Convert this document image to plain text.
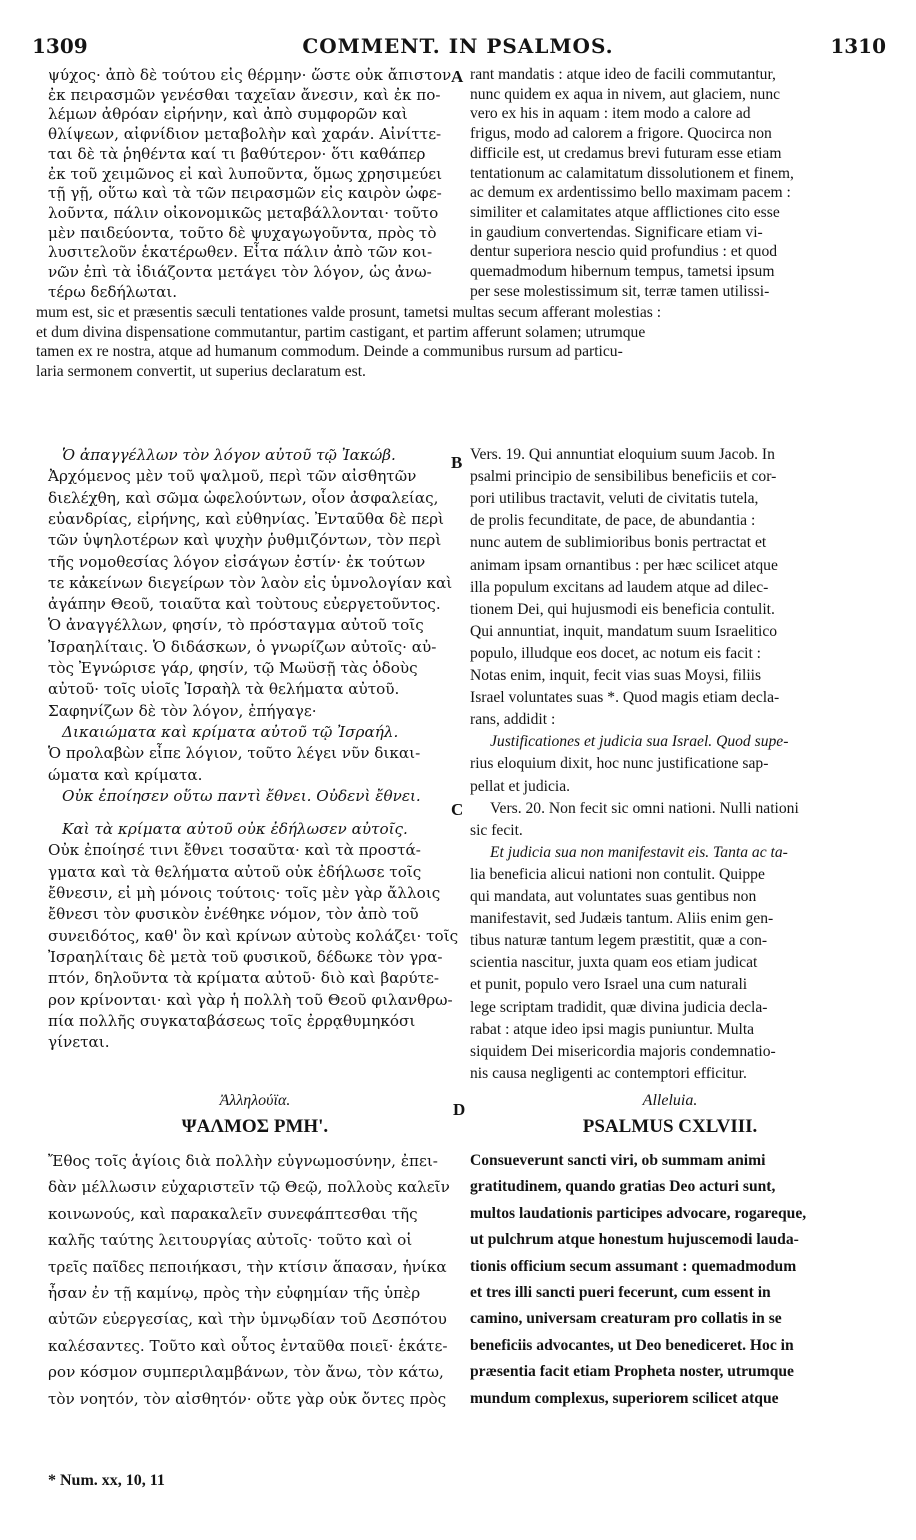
1309	COMMENT. IN PSALMOS.	1310
ψύχος· ἀπὸ δὲ τούτου εἰς θέρμην· ὥστε οὐκ ἄπιστον
ἐκ πειρασμῶν γενέσθαι ταχεῖαν ἄνεσιν, καὶ ἐκ πο-
λέμων ἀθρόαν εἰρήνην, καὶ ἀπὸ συμφορῶν καὶ
θλίψεων, αἰφνίδιον μεταβολὴν καὶ χαράν. Αἰνίττε-
ται δὲ τὰ ῥηθέντα καί τι βαθύτερον· ὅτι καθάπερ
ἐκ τοῦ χειμῶνος εἰ καὶ λυποῦντα, ὅμως χρησιμεύει
τῇ γῇ, οὕτω καὶ τὰ τῶν πειρασμῶν εἰς καιρὸν ὠφε-
λοῦντα, πάλιν οἰκονομικῶς μεταβάλλονται· τοῦτο
μὲν παιδεύοντα, τοῦτο δὲ ψυχαγωγοῦντα, πρὸς τὸ
λυσιτελοῦν ἑκατέρωθεν. Εἶτα πάλιν ἀπὸ τῶν κοι-
νῶν ἐπὶ τὰ ἰδιάζοντα μετάγει τὸν λόγον, ὡς ἀνω-
τέρω δεδήλωται.
rant mandatis : atque ideo de facili commutantur,
nunc quidem ex aqua in nivem, aut glaciem, nunc
vero ex his in aquam : item modo a calore ad
frigus, modo ad calorem a frigore. Quocirca non
difficile est, ut credamus brevi futuram esse etiam
tentationum ac calamitatum dissolutionem et finem,
ac demum ex ardentissimo bello maximam pacem :
similiter et calamitates atque afflictiones cito esse
in gaudium convertendas. Significare etiam vi-
dentur superiora nescio quid profundius : et quod
quemadmodum hibernum tempus, tametsi ipsum
per sese molestissimum sit, terræ tamen utilissi-
mum est, sic et præsentis sæculi tentationes valde prosunt, tametsi multas secum afferant molestias :
et dum divina dispensatione commutantur, partim castigant, et partim afferunt solamen; utrumque
tamen ex re nostra, atque ad humanum commodum. Deinde a communibus rursum ad particu-
laria sermonem convertit, ut superius declaratum est.
Ὁ ἀπαγγέλλων τὸν λόγον αὐτοῦ τῷ Ἰακώβ.
Ἀρχόμενος μὲν τοῦ ψαλμοῦ, περὶ τῶν αἰσθητῶν
διελέχθη, καὶ σῶμα ὠφελούντων, οἷον ἀσφαλείας,
εὐανδρίας, εἰρήνης, καὶ εὐθηνίας. Ἐνταῦθα δὲ περὶ
τῶν ὑψηλοτέρων καὶ ψυχὴν ῥυθμιζόντων, τὸν περὶ
τῆς νομοθεσίας λόγον εἰσάγων ἐστίν· ἐκ τούτων
τε κἀκείνων διεγείρων τὸν λαὸν εἰς ὑμνολογίαν καὶ
ἀγάπην Θεοῦ, τοιαῦτα καὶ τοὺτους εὐεργετοῦντος.
Ὁ ἀναγγέλλων, φησίν, τὸ πρόσταγμα αὐτοῦ τοῖς
Ἰσραηλίταις. Ὁ διδάσκων, ὁ γνωρίζων αὐτοῖς· αὐ-
τὸς Ἐγνώρισε γάρ, φησίν, τῷ Μωϋσῇ τὰς ὁδοὺς
αὐτοῦ· τοῖς υἱοῖς Ἰσραὴλ τὰ θελήματα αὐτοῦ.
Σαφηνίζων δὲ τὸν λόγον, ἐπήγαγε·
Δικαιώματα καὶ κρίματα αὐτοῦ τῷ Ἰσραήλ.
Ὁ προλαβὼν εἶπε λόγιον, τοῦτο λέγει νῦν δικαι-
ώματα καὶ κρίματα.
Οὐκ ἐποίησεν οὕτω παντὶ ἔθνει. Οὐδενὶ ἔθνει.
Καὶ τὰ κρίματα αὐτοῦ οὐκ ἐδήλωσεν αὐτοῖς.
Οὐκ ἐποίησέ τινι ἔθνει τοσαῦτα· καὶ τὰ προστά-
γματα καὶ τὰ θελήματα αὐτοῦ οὐκ ἐδήλωσε τοῖς
ἔθνεσιν, εἰ μὴ μόνοις τούτοις· τοῖς μὲν γὰρ ἄλλοις
ἔθνεσι τὸν φυσικὸν ἐνέθηκε νόμον, τὸν ἀπὸ τοῦ
συνειδότος, καθ' ὃν καὶ κρίνων αὐτοὺς κολάζει· τοῖς
Ἰσραηλίταις δὲ μετὰ τοῦ φυσικοῦ, δέδωκε τὸν γρα-
πτόν, δηλοῦντα τὰ κρίματα αὐτοῦ· διὸ καὶ βαρύτε-
ρον κρίνονται· καὶ γὰρ ἡ πολλὴ τοῦ Θεοῦ φιλανθρω-
πία πολλῆς συγκαταβάσεως τοῖς ἐρρᾳθυμηκόσι
γίνεται.
Vers. 19. Qui annuntiat eloquium suum Jacob. In
psalmi principio de sensibilibus beneficiis et cor-
pori utilibus tractavit, veluti de civitatis tutela,
de prolis fecunditate, de pace, de abundantia :
nunc autem de sublimioribus bonis pertractat et
animam ipsam ornantibus : per hæc scilicet atque
illa populum excitans ad laudem atque ad dilec-
tionem Dei, qui hujusmodi eis beneficia contulit.
Qui annuntiat, inquit, mandatum suum Israelitico
populo, illudque eos docet, ac notum eis facit :
Notas enim, inquit, fecit vias suas Moysi, filiis
Israel voluntates suas *. Quod magis etiam decla-
rans, addidit :
Justificationes et judicia sua Israel. Quod supe-
rius eloquium dixit, hoc nunc justificatione sap-
pellat et judicia.
Vers. 20. Non fecit sic omni nationi. Nulli nationi
sic fecit.
Et judicia sua non manifestavit eis. Tanta ac ta-
lia beneficia alicui nationi non contulit. Quippe
qui mandata, aut voluntates suas gentibus non
manifestavit, sed Judæis tantum. Aliis enim gen-
tibus naturæ tantum legem præstitit, quæ a con-
scientia nascitur, juxta quam eos etiam judicat
et punit, populo vero Israel una cum naturali
lege scriptam tradidit, quæ divina judicia decla-
rabat : atque ideo ipsi magis puniuntur. Multa
siquidem Dei misericordia majoris condemnatio-
nis causa negligenti ac contemptori efficitur.
Ἔθος τοῖς ἁγίοις διὰ πολλὴν εὐγνωμοσύνην, ἐπει-
δὰν μέλλωσιν εὐχαριστεῖν τῷ Θεῷ, πολλοὺς καλεῖν
κοινωνούς, καὶ παρακαλεῖν συνεφάπτεσθαι τῆς
καλῆς ταύτης λειτουργίας αὐτοῖς· τοῦτο καὶ οἱ
τρεῖς παῖδες πεποιήκασι, τὴν κτίσιν ἅπασαν, ἡνίκα
ἦσαν ἐν τῇ καμίνῳ, πρὸς τὴν εὐφημίαν τῆς ὑπὲρ
αὐτῶν εὐεργεσίας, καὶ τὴν ὑμνῳδίαν τοῦ Δεσπότου
καλέσαντες. Τοῦτο καὶ οὗτος ἐνταῦθα ποιεῖ· ἑκάτε-
ρον κόσμον συμπεριλαμβάνων, τὸν ἄνω, τὸν κάτω,
τὸν νοητόν, τὸν αἰσθητόν· οὔτε γὰρ οὐκ ὄντες πρὸς
Consueverunt sancti viri, ob summam animi
gratitudinem, quando gratias Deo acturi sunt,
multos laudationis participes advocare, rogareque,
ut pulchrum atque honestum hujuscemodi lauda-
tionis officium secum assumant : quemadmodum
et tres illi sancti pueri fecerunt, cum essent in
camino, universam creaturam pro collatis in se
beneficiis advocantes, ut Deo benediceret. Hoc in
præsentia facit etiam Propheta noster, utrumque
mundum complexus, superiorem scilicet atque
A
B
C
D
Ἀλληλούϊα.
ΨΑΛΜΟΣ ΡΜΗ'.
Alleluia.
PSALMUS CXLVIII.
* Num. xx, 10, 11
